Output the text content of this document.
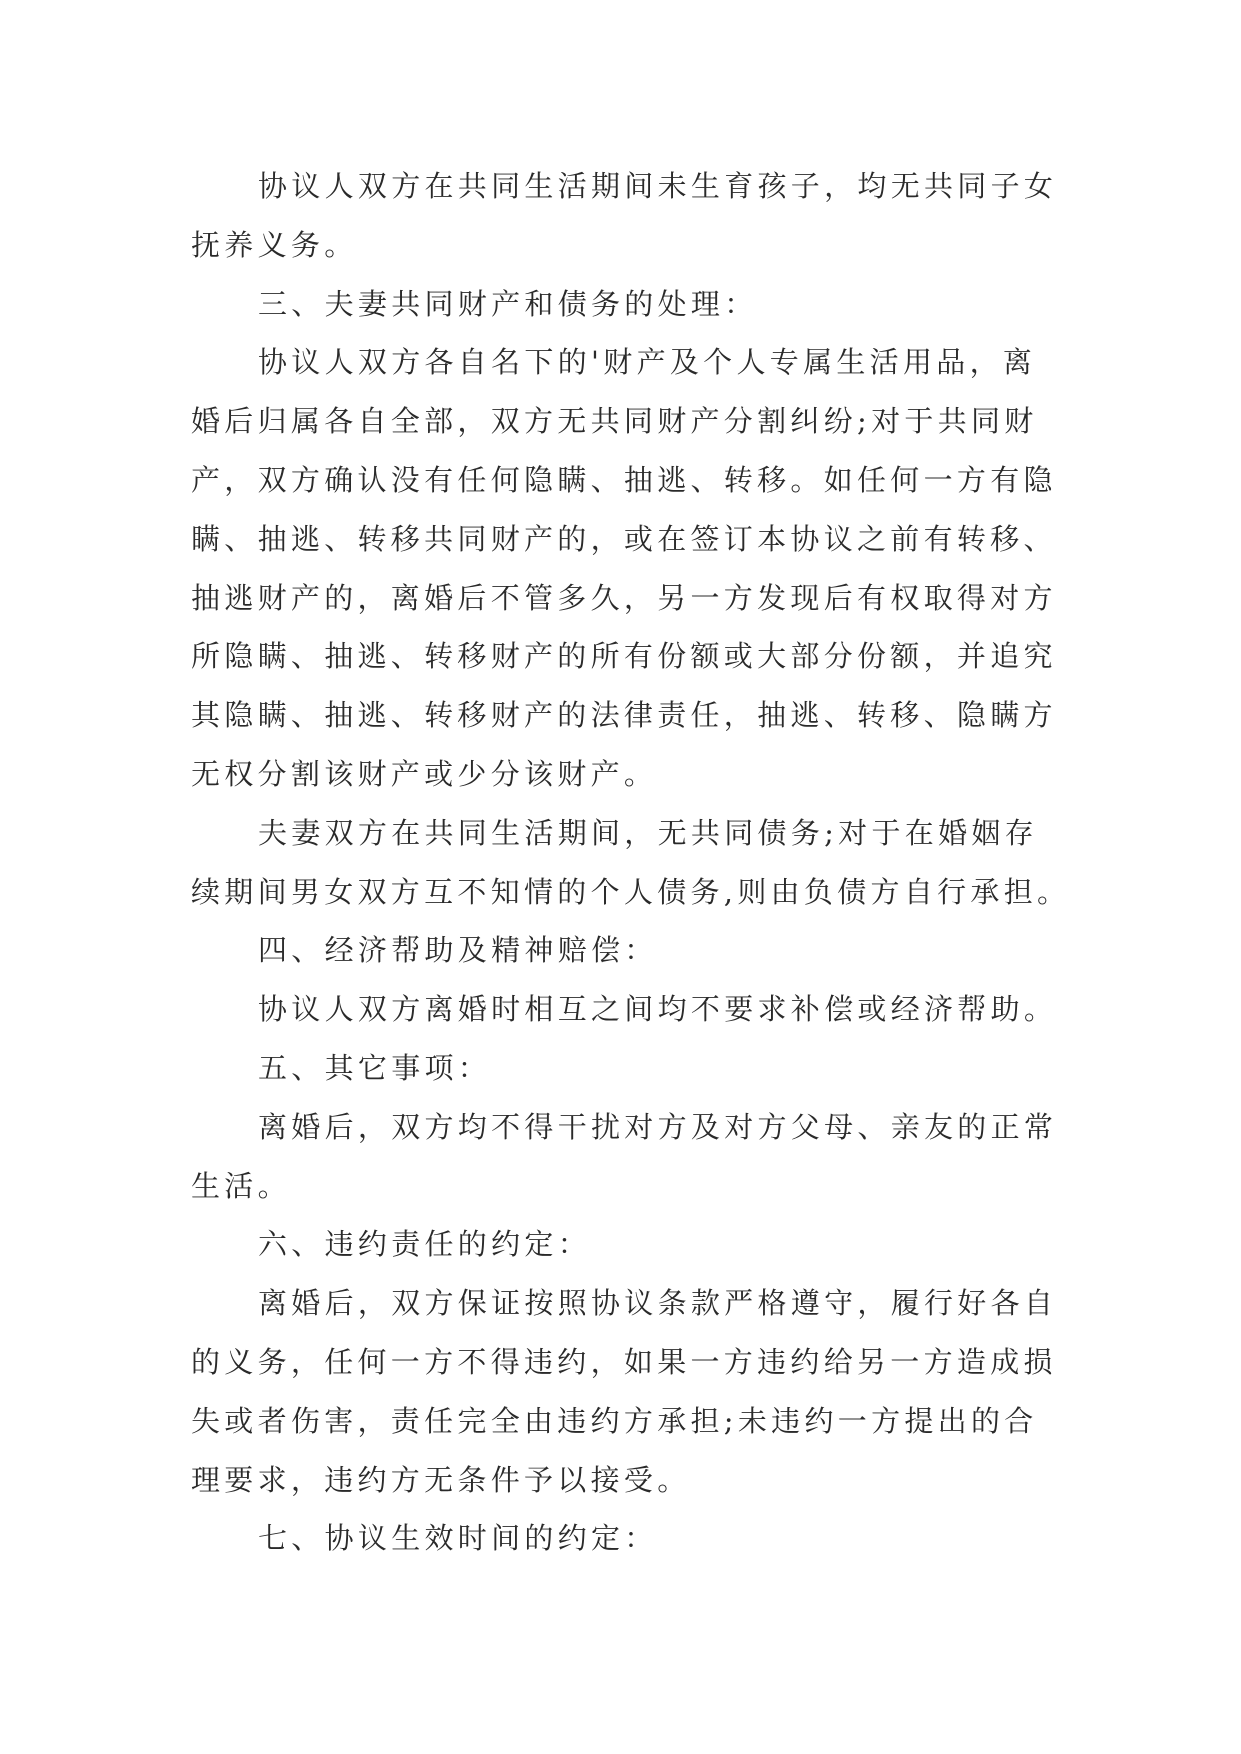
协议人双方在共同生活期间未生育孩子，均无共同子女
抚养义务。
三、夫妻共同财产和债务的处理：
协议人双方各自名下的'财产及个人专属生活用品，离
婚后归属各自全部，双方无共同财产分割纠纷;对于共同财
产，双方确认没有任何隐瞒、抽逃、转移。如任何一方有隐
瞒、抽逃、转移共同财产的，或在签订本协议之前有转移、
抽逃财产的，离婚后不管多久，另一方发现后有权取得对方
所隐瞒、抽逃、转移财产的所有份额或大部分份额，并追究
其隐瞒、抽逃、转移财产的法律责任，抽逃、转移、隐瞒方
无权分割该财产或少分该财产。
夫妻双方在共同生活期间，无共同债务;对于在婚姻存
续期间男女双方互不知情的个人债务,则由负债方自行承担。
四、经济帮助及精神赔偿：
协议人双方离婚时相互之间均不要求补偿或经济帮助。
五、其它事项：
离婚后，双方均不得干扰对方及对方父母、亲友的正常
生活。
六、违约责任的约定：
离婚后，双方保证按照协议条款严格遵守，履行好各自
的义务，任何一方不得违约，如果一方违约给另一方造成损
失或者伤害，责任完全由违约方承担;未违约一方提出的合
理要求，违约方无条件予以接受。
七、协议生效时间的约定：
